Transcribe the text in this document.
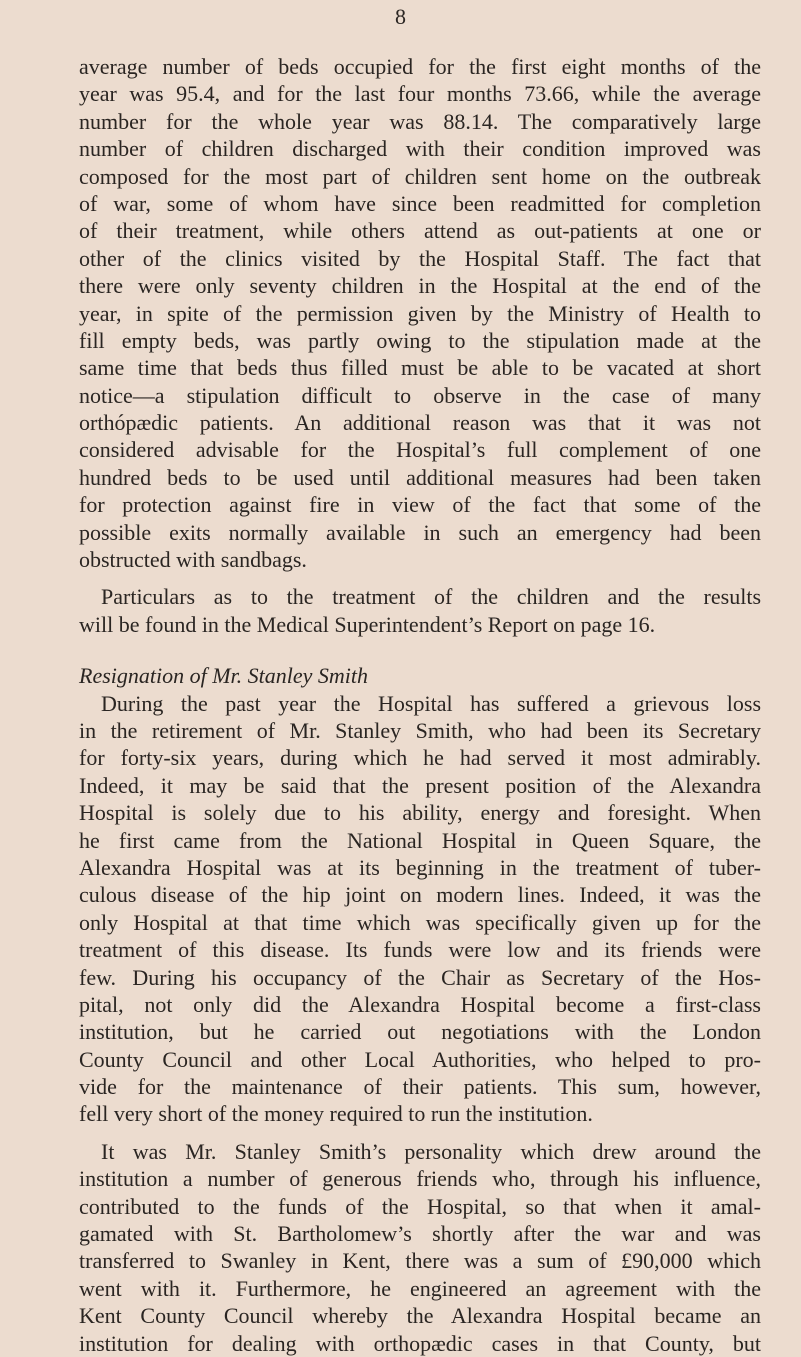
8
average number of beds occupied for the first eight months of the
year was 95.4, and for the last four months 73.66, while the average
number for the whole year was 88.14. The comparatively large
number of children discharged with their condition improved was
composed for the most part of children sent home on the outbreak
of war, some of whom have since been readmitted for completion
of their treatment, while others attend as out-patients at one or
other of the clinics visited by the Hospital Staff. The fact that
there were only seventy children in the Hospital at the end of the
year, in spite of the permission given by the Ministry of Health to
fill empty beds, was partly owing to the stipulation made at the
same time that beds thus filled must be able to be vacated at short
notice—a stipulation difficult to observe in the case of many
orthópædic patients. An additional reason was that it was not
considered advisable for the Hospital’s full complement of one
hundred beds to be used until additional measures had been taken
for protection against fire in view of the fact that some of the
possible exits normally available in such an emergency had been
obstructed with sandbags.
Particulars as to the treatment of the children and the results
will be found in the Medical Superintendent’s Report on page 16.
Resignation of Mr. Stanley Smith
During the past year the Hospital has suffered a grievous loss
in the retirement of Mr. Stanley Smith, who had been its Secretary
for forty-six years, during which he had served it most admirably.
Indeed, it may be said that the present position of the Alexandra
Hospital is solely due to his ability, energy and foresight. When
he first came from the National Hospital in Queen Square, the
Alexandra Hospital was at its beginning in the treatment of tuber-
culous disease of the hip joint on modern lines. Indeed, it was the
only Hospital at that time which was specifically given up for the
treatment of this disease. Its funds were low and its friends were
few. During his occupancy of the Chair as Secretary of the Hos-
pital, not only did the Alexandra Hospital become a first-class
institution, but he carried out negotiations with the London
County Council and other Local Authorities, who helped to pro-
vide for the maintenance of their patients. This sum, however,
fell very short of the money required to run the institution.
It was Mr. Stanley Smith’s personality which drew around the
institution a number of generous friends who, through his influence,
contributed to the funds of the Hospital, so that when it amal-
gamated with St. Bartholomew’s shortly after the war and was
transferred to Swanley in Kent, there was a sum of £90,000 which
went with it. Furthermore, he engineered an agreement with the
Kent County Council whereby the Alexandra Hospital became an
institution for dealing with orthopædic cases in that County, but
